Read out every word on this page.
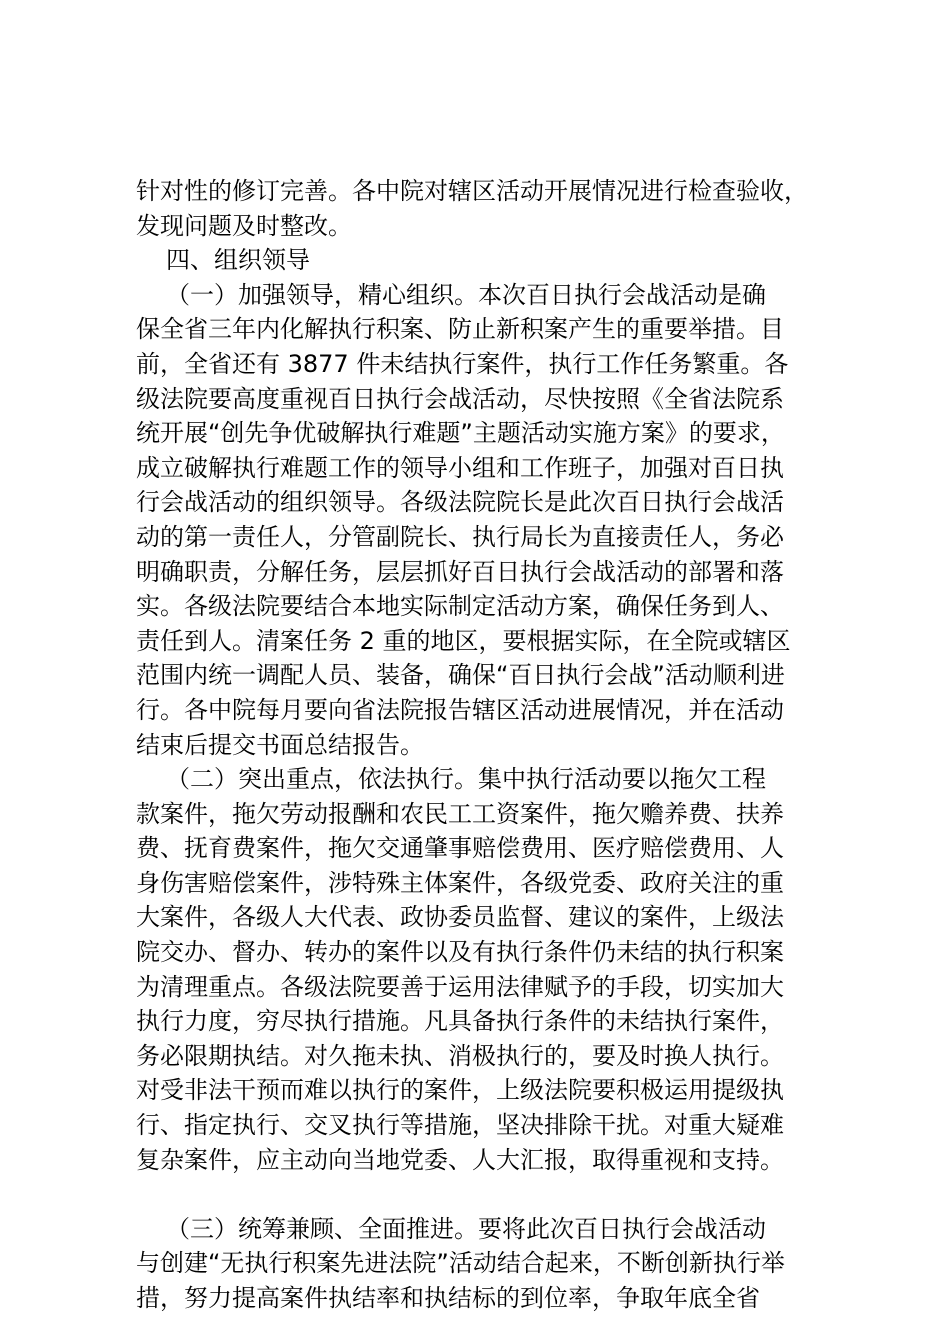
针对性的修订完善。各中院对辖区活动开展情况进行检查验收，
发现问题及时整改。
四、组织领导
（一）加强领导，精心组织。本次百日执行会战活动是确
保全省三年内化解执行积案、防止新积案产生的重要举措。目
前，全省还有 3877 件未结执行案件，执行工作任务繁重。各
级法院要高度重视百日执行会战活动，尽快按照《全省法院系
统开展“创先争优破解执行难题”主题活动实施方案》的要求，
成立破解执行难题工作的领导小组和工作班子，加强对百日执
行会战活动的组织领导。各级法院院长是此次百日执行会战活
动的第一责任人，分管副院长、执行局长为直接责任人，务必
明确职责，分解任务，层层抓好百日执行会战活动的部署和落
实。各级法院要结合本地实际制定活动方案，确保任务到人、
责任到人。清案任务 2 重的地区，要根据实际，在全院或辖区
范围内统一调配人员、装备，确保“百日执行会战”活动顺利进
行。各中院每月要向省法院报告辖区活动进展情况，并在活动
结束后提交书面总结报告。
（二）突出重点，依法执行。集中执行活动要以拖欠工程
款案件，拖欠劳动报酬和农民工工资案件，拖欠赡养费、扶养
费、抚育费案件，拖欠交通肇事赔偿费用、医疗赔偿费用、人
身伤害赔偿案件，涉特殊主体案件，各级党委、政府关注的重
大案件，各级人大代表、政协委员监督、建议的案件，上级法
院交办、督办、转办的案件以及有执行条件仍未结的执行积案
为清理重点。各级法院要善于运用法律赋予的手段，切实加大
执行力度，穷尽执行措施。凡具备执行条件的未结执行案件，
务必限期执结。对久拖未执、消极执行的，要及时换人执行。
对受非法干预而难以执行的案件，上级法院要积极运用提级执
行、指定执行、交叉执行等措施，坚决排除干扰。对重大疑难
复杂案件，应主动向当地党委、人大汇报，取得重视和支持。
（三）统筹兼顾、全面推进。要将此次百日执行会战活动
与创建“无执行积案先进法院”活动结合起来，不断创新执行举
措，努力提高案件执结率和执结标的到位率，争取年底全省
